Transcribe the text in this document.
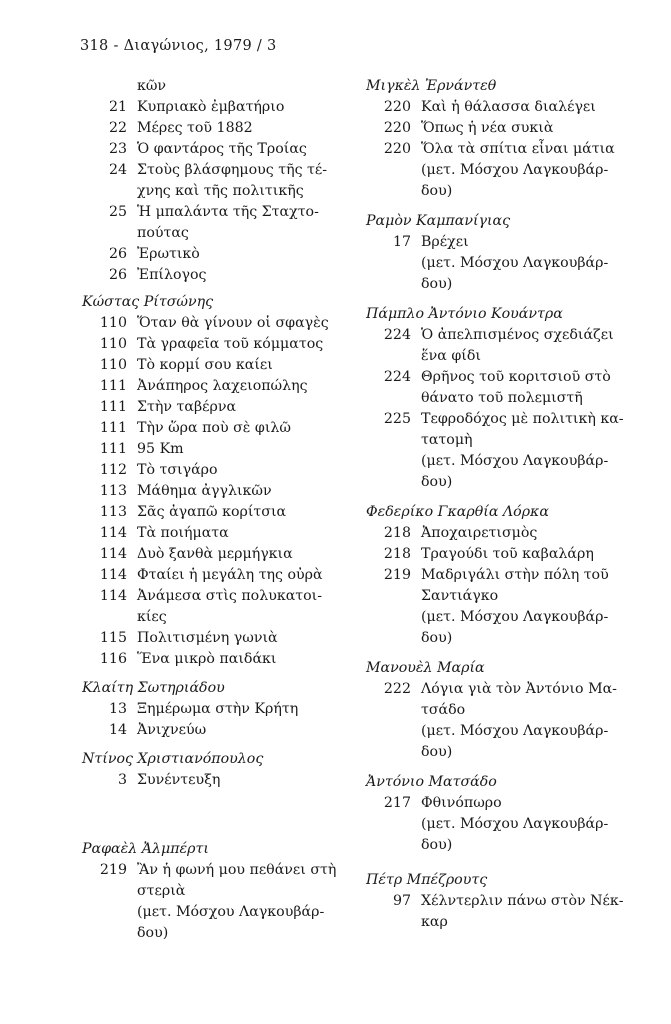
318 - Διαγώνιος, 1979 / 3
κῶν
21 Κυπριακὸ ἐμβατήριο
22 Μέρες τοῦ 1882
23 Ὁ φαντάρος τῆς Τροίας
24 Στοὺς βλάσφημους τῆς τέ-
χνης καὶ τῆς πολιτικῆς
25 Ἡ μπαλάντα τῆς Σταχτο-
πούτας
26 Ἐρωτικὸ
26 Ἐπίλογος
Κώστας Ρίτσώνης
110 Ὅταν θὰ γίνουν οἱ σφαγὲς
110 Τὰ γραφεῖα τοῦ κόμματος
110 Τὸ κορμί σου καίει
111 Ἀνάπηρος λαχειοπώλης
111 Στὴν ταβέρνα
111 Τὴν ὥρα ποὺ σὲ φιλῶ
111 95 Km
112 Τὸ τσιγάρο
113 Μάθημα ἀγγλικῶν
113 Σᾶς ἀγαπῶ κορίτσια
114 Τὰ ποιήματα
114 Δυὸ ξανθὰ μερμήγκια
114 Φταίει ἡ μεγάλη της οὐρὰ
114 Ἀνάμεσα στὶς πολυκατοι-
κίες
115 Πολιτισμένη γωνιὰ
116 Ἕνα μικρὸ παιδάκι
Κλαίτη Σωτηριάδου
13 Ξημέρωμα στὴν Κρήτη
14 Ἀνιχνεύω
Ντίνος Χριστιανόπουλος
3 Συνέντευξη
Ραφαὲλ Ἀλμπέρτι
219 Ἂν ἡ φωνή μου πεθάνει στὴ
στεριὰ
(μετ. Μόσχου Λαγκουβάρ-
δου)
Μιγκὲλ Ἐρνάντεθ
220 Καὶ ἡ θάλασσα διαλέγει
220 Ὅπως ἡ νέα συκιὰ
220 Ὅλα τὰ σπίτια εἶναι μάτια
(μετ. Μόσχου Λαγκουβάρ-
δου)
Ραμὸν Καμπανίγιας
17 Βρέχει
(μετ. Μόσχου Λαγκουβάρ-
δου)
Πάμπλο Ἀντόνιο Κουάντρα
224 Ὁ ἀπελπισμένος σχεδιάζει
ἕνα φίδι
224 Θρῆνος τοῦ κοριτσιοῦ στὸ
θάνατο τοῦ πολεμιστῆ
225 Τεφροδόχος μὲ πολιτικὴ κα-
τατομὴ
(μετ. Μόσχου Λαγκουβάρ-
δου)
Φεδερίκο Γκαρθία Λόρκα
218 Ἀποχαιρετισμὸς
218 Τραγούδι τοῦ καβαλάρη
219 Μαδριγάλι στὴν πόλη τοῦ
Σαντιάγκο
(μετ. Μόσχου Λαγκουβάρ-
δου)
Μανουὲλ Μαρία
222 Λόγια γιὰ τὸν Ἀντόνιο Μα-
τσάδο
(μετ. Μόσχου Λαγκουβάρ-
δου)
Ἀντόνιο Ματσάδο
217 Φθινόπωρο
(μετ. Μόσχου Λαγκουβάρ-
δου)
Πέτρ Μπέζρουτς
97 Χέλντερλιν πάνω στὸν Νέκ-
καρ
